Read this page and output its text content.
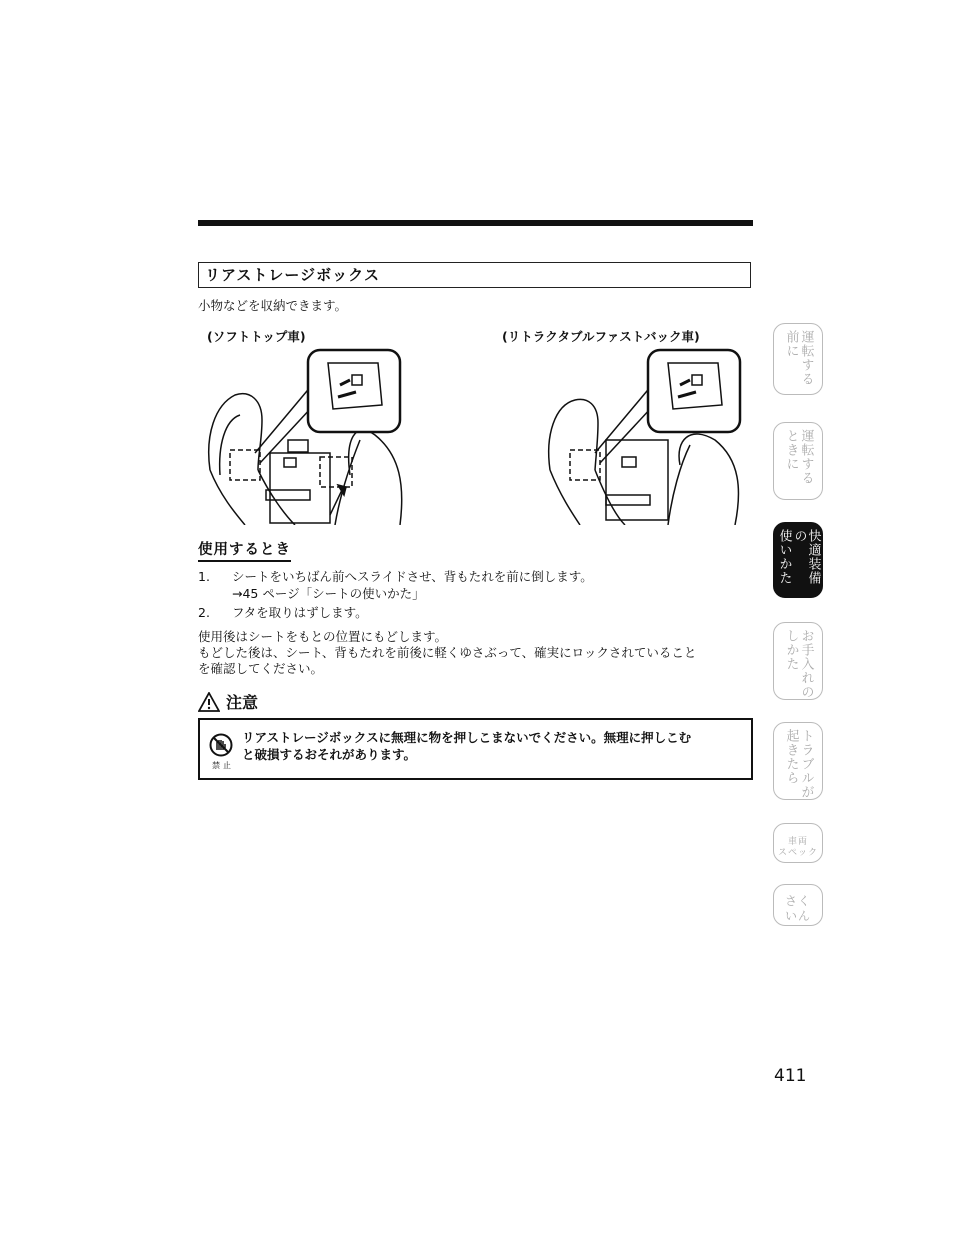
リアストレージボックス
小物などを収納できます。
(ソフトトップ車)	(リトラクタブルファストバック車)
使用するとき
1. シートをいちばん前へスライドさせ、背もたれを前に倒します。
→45 ページ「シートの使いかた」
2. フタを取りはずします。
使用後はシートをもとの位置にもどします。
もどした後は、シート、背もたれを前後に軽くゆさぶって、確実にロックされていること
を確認してください。
注意
禁止
リアストレージボックスに無理に物を押しこまないでください。無理に押しこむ
と破損するおそれがあります。
運転する
前に
運転する
ときに
快適装備の
使いかた
お手入れの
しかた
トラブルが
起きたら
車両
スペック
さく
いん
411
